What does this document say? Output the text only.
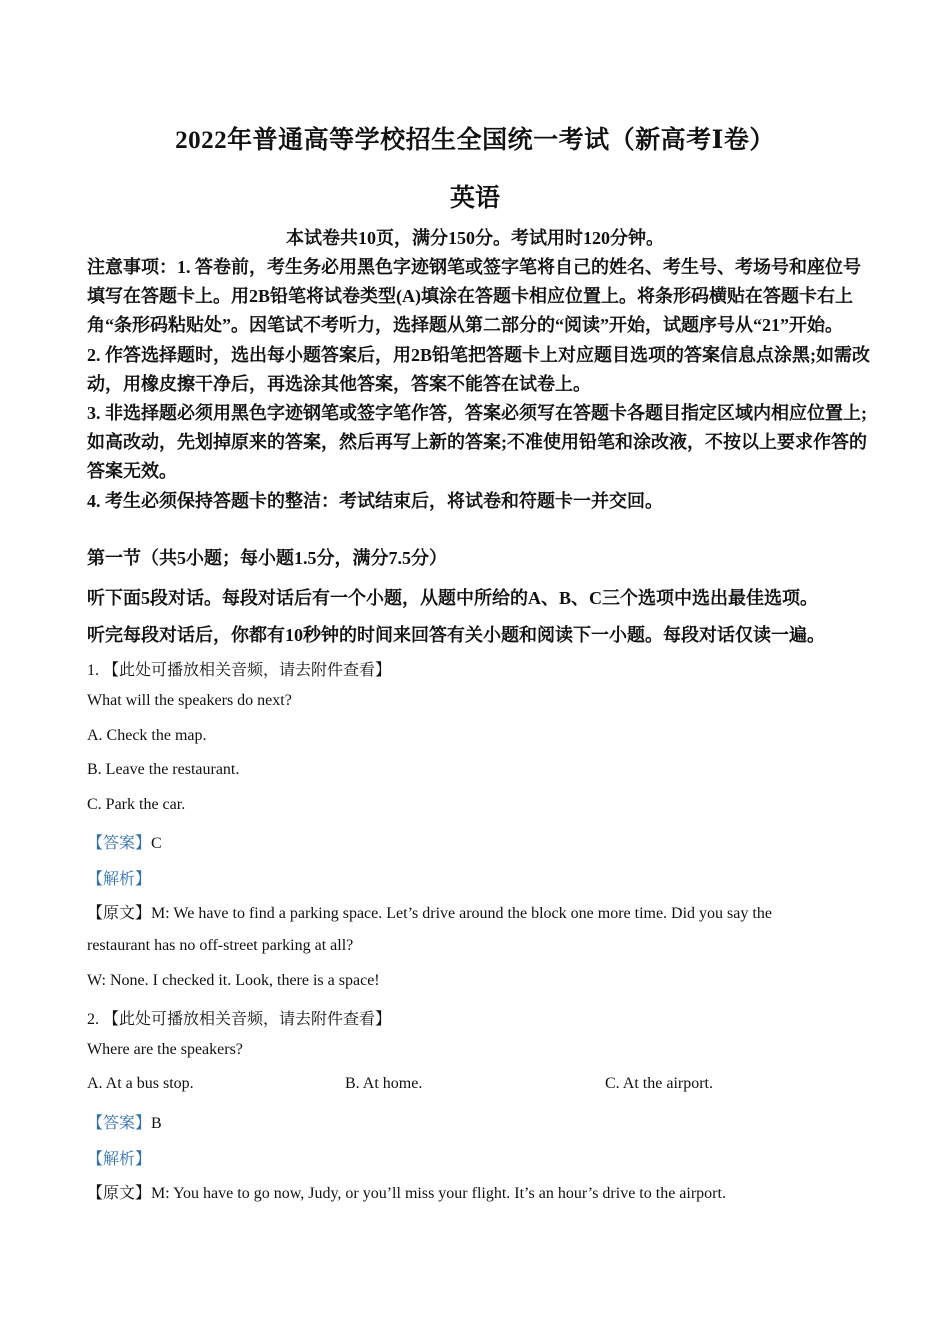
2022年普通高等学校招生全国统一考试（新高考Ⅰ卷）
英语
本试卷共10页，满分150分。考试用时120分钟。

注意事项：1. 答卷前，考生务必用黑色字迹钢笔或签字笔将自己的姓名、考生号、考场号和座位号填写在答题卡上。用2B铅笔将试卷类型(A)填涂在答题卡相应位置上。将条形码横贴在答题卡右上角“条形码粘贴处”。因笔试不考听力，选择题从第二部分的“阅读”开始，试题序号从“21”开始。

2. 作答选择题时，选出每小题答案后，用2B铅笔把答题卡上对应题目选项的答案信息点涂黑;如需改动，用橡皮擦干净后，再选涂其他答案，答案不能答在试卷上。

3. 非选择题必须用黑色字迹钢笔或签字笔作答，答案必须写在答题卡各题目指定区域内相应位置上;如高改动，先划掉原来的答案，然后再写上新的答案;不准使用铅笔和涂改液，不按以上要求作答的答案无效。

4. 考生必须保持答题卡的整洁：考试结束后，将试卷和符题卡一并交回。

第一节（共5小题；每小题1.5分，满分7.5分）

听下面5段对话。每段对话后有一个小题，从题中所给的A、B、C三个选项中选出最佳选项。

听完每段对话后，你都有10秒钟的时间来回答有关小题和阅读下一小题。每段对话仅读一遍。

1. 【此处可播放相关音频，请去附件查看】
What will the speakers do next?
A. Check the map.
B. Leave the restaurant.
C. Park the car.
【答案】C
【解析】
【原文】M: We have to find a parking space. Let’s drive around the block one more time. Did you say the
restaurant has no off-street parking at all?
W: None. I checked it. Look, there is a space!
2. 【此处可播放相关音频，请去附件查看】
Where are the speakers?
A. At a bus stop.	B. At home.	C. At the airport.
【答案】B
【解析】
【原文】M: You have to go now, Judy, or you’ll miss your flight. It’s an hour’s drive to the airport.
